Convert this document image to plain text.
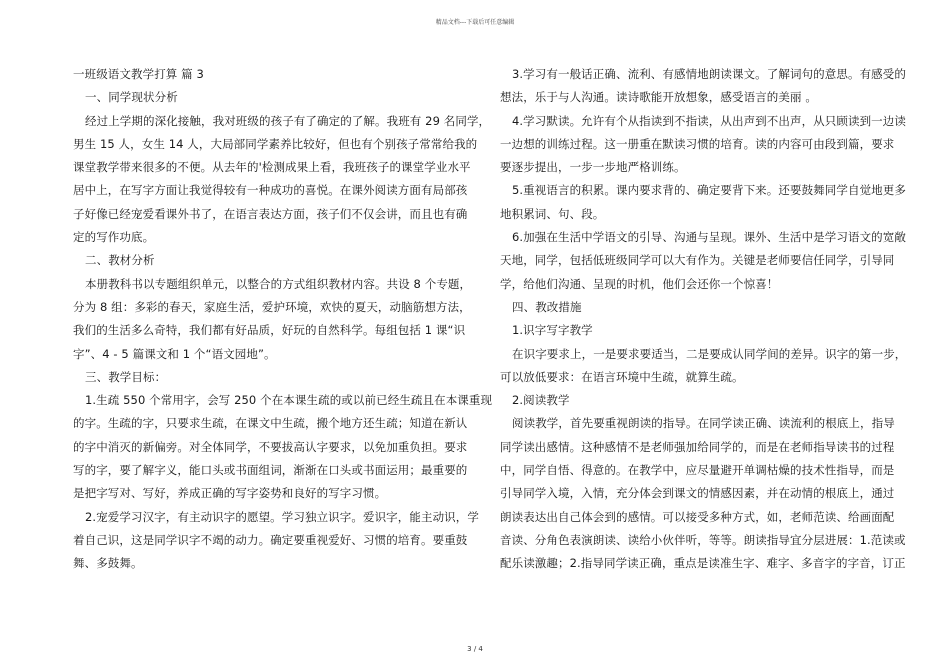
精品文档---下载后可任意编辑

一班级语文教学打算 篇 3

一、同学现状分析

经过上学期的深化接触，我对班级的孩子有了确定的了解。我班有 29 名同学，

男生 15 人，女生 14 人，大局部同学素养比较好，但也有个别孩子常常给我的

课堂教学带来很多的不便。从去年的'检测成果上看，我班孩子的课堂学业水平

居中上，在写字方面让我觉得较有一种成功的喜悦。在课外阅读方面有局部孩

子好像已经宠爱看课外书了，在语言表达方面，孩子们不仅会讲，而且也有确

定的写作功底。

二、教材分析

本册教科书以专题组织单元，以整合的方式组织教材内容。共设 8 个专题，

分为 8 组：多彩的春天，家庭生活，爱护环境，欢快的夏天，动脑筋想方法，

我们的生活多么奇特，我们都有好品质，好玩的自然科学。每组包括 1 课“识

字”、4 - 5 篇课文和 1 个“语文园地”。

三、教学目标：

1.生疏 550 个常用字，会写 250 个在本课生疏的或以前已经生疏且在本课重现

的字。生疏的字，只要求生疏，在课文中生疏，搬个地方还生疏；知道在新认

的字中消灭的新偏旁。对全体同学，不要拔高认字要求，以免加重负担。要求

写的字，要了解字义，能口头或书面组词，渐渐在口头或书面运用；最重要的

是把字写对、写好，养成正确的写字姿势和良好的写字习惯。

2.宠爱学习汉字，有主动识字的愿望。学习独立识字。爱识字，能主动识，学

着自己识，这是同学识字不竭的动力。确定要重视爱好、习惯的培育。要重鼓

舞、多鼓舞。

3.学习有一般话正确、流利、有感情地朗读课文。了解词句的意思。有感受的

想法，乐于与人沟通。读诗歌能开放想象，感受语言的美丽 。

4.学习默读。允许有个从指读到不指读，从出声到不出声，从只顾读到一边读

一边想的训练过程。这一册重在默读习惯的培育。读的内容可由段到篇，要求

要逐步提出，一步一步地严格训练。

5.重视语言的积累。课内要求背的、确定要背下来。还要鼓舞同学自觉地更多

地积累词、句、段。

6.加强在生活中学语文的引导、沟通与呈现。课外、生活中是学习语文的宽敞

天地，同学，包括低班级同学可以大有作为。关键是老师要信任同学，引导同

学，给他们沟通、呈现的时机，他们会还你一个惊喜！

四、教改措施

1.识字写字教学

在识字要求上，一是要求要适当，二是要成认同学间的差异。识字的第一步，

可以放低要求：在语言环境中生疏，就算生疏。

2.阅读教学

阅读教学，首先要重视朗读的指导。在同学读正确、读流利的根底上，指导

同学读出感情。这种感情不是老师强加给同学的，而是在老师指导读书的过程

中，同学自悟、得意的。在教学中，应尽量避开单调枯燥的技术性指导，而是

引导同学入境，入情，充分体会到课文的情感因素，并在动情的根底上，通过

朗读表达出自己体会到的感情。可以接受多种方式，如，老师范读、给画面配

音读、分角色表演朗读、读给小伙伴听，等等。朗读指导宜分层进展：1.范读或

配乐读激趣；2.指导同学读正确，重点是读准生字、难字、多音字的字音，订正

3 / 4
